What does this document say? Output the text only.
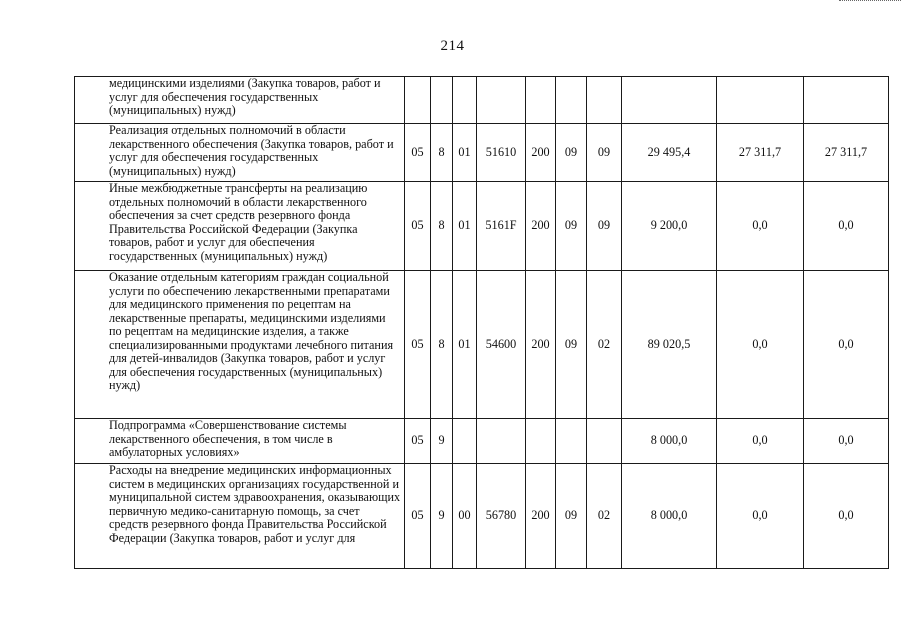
214
медицинскими изделиями (Закупка товаров, работ и услуг для обеспечения государственных (муниципальных) нужд)										
Реализация отдельных полномочий в области лекарственного обеспечения (Закупка товаров, работ и услуг для обеспечения государственных (муниципальных) нужд)	05	8	01	51610	200	09	09	29 495,4	27 311,7	27 311,7
Иные межбюджетные трансферты на реализацию отдельных полномочий в области лекарственного обеспечения за счет средств резервного фонда Правительства Российской Федерации (Закупка товаров, работ и услуг для обеспечения государственных (муниципальных) нужд)	05	8	01	5161F	200	09	09	9 200,0	0,0	0,0
Оказание отдельным категориям граждан социальной услуги по обеспечению лекарственными препаратами для медицинского применения по рецептам на лекарственные препараты, медицинскими изделиями по рецептам на медицинские изделия, а также специализированными продуктами лечебного питания для детей-инвалидов (Закупка товаров, работ и услуг для обеспечения государственных (муниципальных) нужд)	05	8	01	54600	200	09	02	89 020,5	0,0	0,0
Подпрограмма «Совершенствование системы лекарственного обеспечения, в том числе в амбулаторных условиях»	05	9						8 000,0	0,0	0,0
Расходы на внедрение медицинских информационных систем в медицинских организациях государственной и муниципальной систем здравоохранения, оказывающих первичную медико-санитарную помощь, за счет средств резервного фонда Правительства Российской Федерации (Закупка товаров, работ и услуг для	05	9	00	56780	200	09	02	8 000,0	0,0	0,0
